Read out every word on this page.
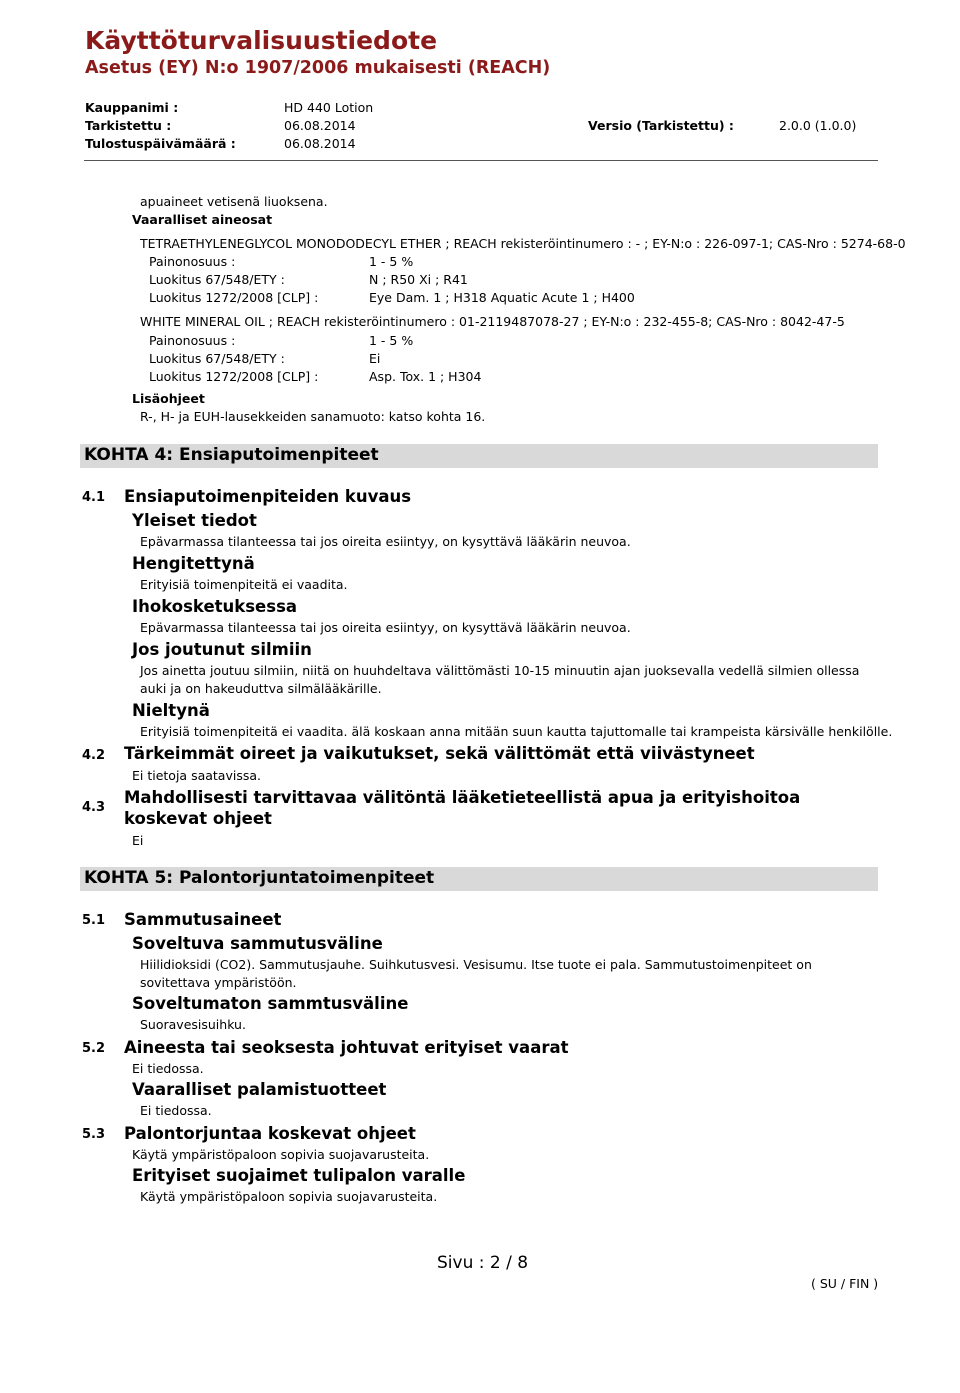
Käyttöturvalisuustiedote
Asetus (EY) N:o 1907/2006 mukaisesti (REACH)
Kauppanimi :	HD 440 Lotion
Tarkistettu :	06.08.2014	Versio (Tarkistettu) :	2.0.0 (1.0.0)
Tulostuspäivämäärä :	06.08.2014
apuaineet vetisenä liuoksena.
Vaaralliset aineosat
TETRAETHYLENEGLYCOL MONODODECYL ETHER ; REACH rekisteröintinumero : - ; EY-N:o : 226-097-1; CAS-Nro : 5274-68-0
Painonosuus :	1 - 5 %
Luokitus 67/548/ETY :	N ; R50 Xi ; R41
Luokitus 1272/2008 [CLP] :	Eye Dam. 1 ; H318 Aquatic Acute 1 ; H400
WHITE MINERAL OIL ; REACH rekisteröintinumero : 01-2119487078-27 ; EY-N:o : 232-455-8; CAS-Nro : 8042-47-5
Painonosuus :	1 - 5 %
Luokitus 67/548/ETY :	Ei
Luokitus 1272/2008 [CLP] :	Asp. Tox. 1 ; H304
Lisäohjeet
R-, H- ja EUH-lausekkeiden sanamuoto: katso kohta 16.
KOHTA 4: Ensiaputoimenpiteet
4.1 Ensiaputoimenpiteiden kuvaus
Yleiset tiedot
Epävarmassa tilanteessa tai jos oireita esiintyy, on kysyttävä lääkärin neuvoa.
Hengitettynä
Erityisiä toimenpiteitä ei vaadita.
Ihokosketuksessa
Epävarmassa tilanteessa tai jos oireita esiintyy, on kysyttävä lääkärin neuvoa.
Jos joutunut silmiin
Jos ainetta joutuu silmiin, niitä on huuhdeltava välittömästi 10-15 minuutin ajan juoksevalla vedellä silmien ollessa auki ja on hakeuduttva silmälääkärille.
Nieltynä
Erityisiä toimenpiteitä ei vaadita. älä koskaan anna mitään suun kautta tajuttomalle tai krampeista kärsivälle henkilölle.
4.2 Tärkeimmät oireet ja vaikutukset, sekä välittömät että viivästyneet
Ei tietoja saatavissa.
4.3
Mahdollisesti tarvittavaa välitöntä lääketieteellistä apua ja erityishoitoa koskevat ohjeet
Ei
KOHTA 5: Palontorjuntatoimenpiteet
5.1 Sammutusaineet
Soveltuva sammutusväline
Hiilidioksidi (CO2). Sammutusjauhe. Suihkutusvesi. Vesisumu. Itse tuote ei pala. Sammutustoimenpiteet on sovitettava ympäristöön.
Soveltumaton sammtusväline
Suoravesisuihku.
5.2 Aineesta tai seoksesta johtuvat erityiset vaarat
Ei tiedossa.
Vaaralliset palamistuotteet
Ei tiedossa.
5.3 Palontorjuntaa koskevat ohjeet
Käytä ympäristöpaloon sopivia suojavarusteita.
Erityiset suojaimet tulipalon varalle
Käytä ympäristöpaloon sopivia suojavarusteita.
Sivu : 2 / 8
( SU / FIN )
